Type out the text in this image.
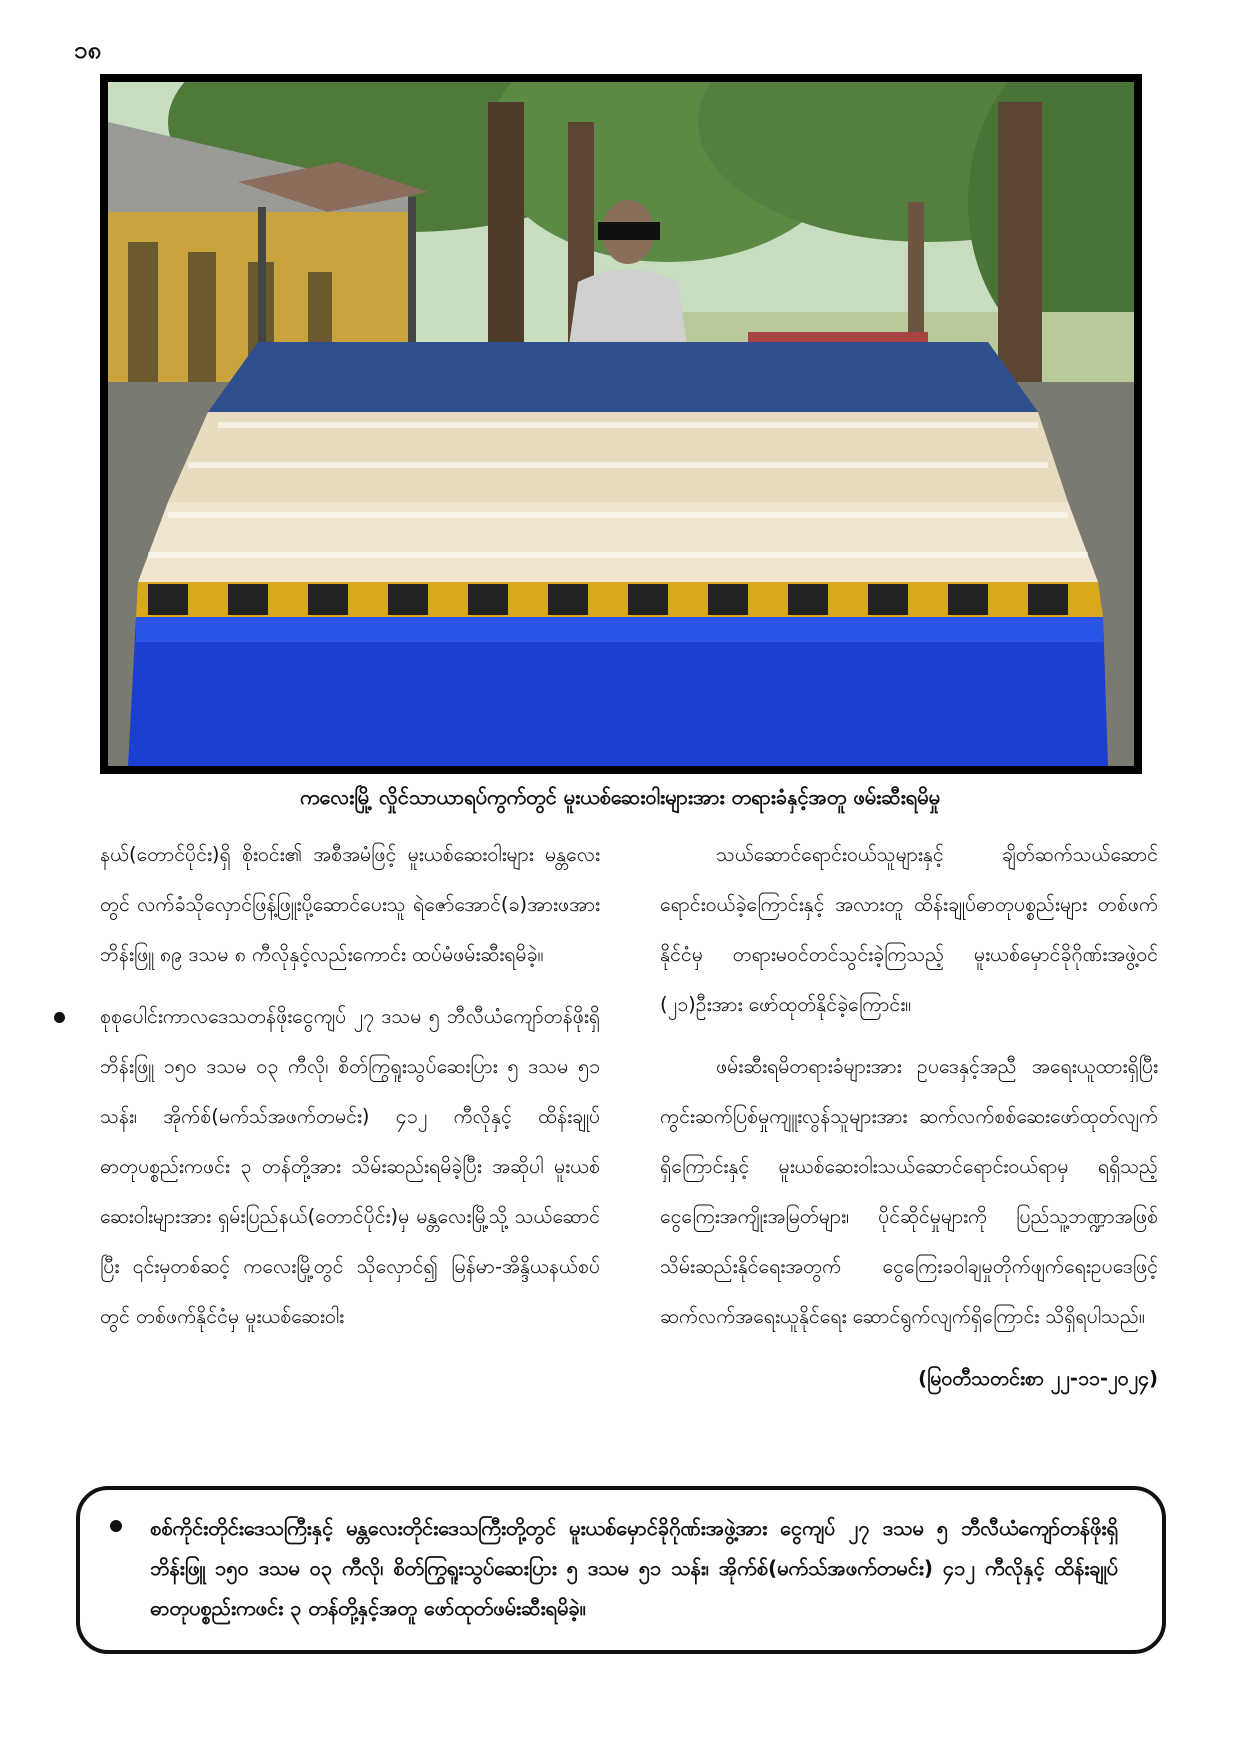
၁၈
ကလေးမြို့ လှိုင်သာယာရပ်ကွက်တွင် မူးယစ်ဆေးဝါးများအား တရားခံနှင့်အတူ ဖမ်းဆီးရမိမှု

နယ်(တောင်ပိုင်း)ရှိ စိုးဝင်း၏ အစီအမံဖြင့် မူးယစ်ဆေးဝါးများ မန္တလေးတွင် လက်ခံသိုလှောင်ဖြန့်ဖြူးပို့ဆောင်ပေးသူ ရဲဇော်အောင်(ခ)အားဖအား ဘိန်းဖြူ ၈၉ ဒသမ ၈ ကီလိုနှင့်လည်းကောင်း ထပ်မံဖမ်းဆီးရမိခဲ့။

စုစုပေါင်းကာလဒေသတန်ဖိုးငွေကျပ် ၂၇ ဒသမ ၅ ဘီလီယံကျော်တန်ဖိုးရှိ ဘိန်းဖြူ ၁၅၀ ဒသမ ၀၃ ကီလို၊ စိတ်ကြွရူးသွပ်ဆေးပြား ၅ ဒသမ ၅၁ သန်း၊ အိုက်စ်(မက်သ်အဖက်တမင်း) ၄၁၂ ကီလိုနှင့် ထိန်းချုပ်ဓာတုပစ္စည်းကဖင်း ၃ တန်တို့အား သိမ်းဆည်းရမိခဲ့ပြီး အဆိုပါ မူးယစ်ဆေးဝါးများအား ရှမ်းပြည်နယ်(တောင်ပိုင်း)မှ မန္တလေးမြို့သို့ သယ်ဆောင်ပြီး ၎င်းမှတစ်ဆင့် ကလေးမြို့တွင် သိုလှောင်၍ မြန်မာ-အိန္ဒိယနယ်စပ်တွင် တစ်ဖက်နိုင်ငံမှ မူးယစ်ဆေးဝါး

သယ်ဆောင်ရောင်းဝယ်သူများနှင့် ချိတ်ဆက်သယ်ဆောင်ရောင်းဝယ်ခဲ့ကြောင်းနှင့် အလားတူ ထိန်းချုပ်ဓာတုပစ္စည်းများ တစ်ဖက်နိုင်ငံမှ တရားမဝင်တင်သွင်းခဲ့ကြသည့် မူးယစ်မှောင်ခိုဂိုဏ်းအဖွဲ့ဝင် (၂၁)ဦးအား ဖော်ထုတ်နိုင်ခဲ့ကြောင်း။

ဖမ်းဆီးရမိတရားခံများအား ဥပဒေနှင့်အညီ အရေးယူထားရှိပြီး ကွင်းဆက်ပြစ်မှုကျူးလွန်သူများအား ဆက်လက်စစ်ဆေးဖော်ထုတ်လျက်ရှိကြောင်းနှင့် မူးယစ်ဆေးဝါးသယ်ဆောင်ရောင်းဝယ်ရာမှ ရရှိသည့် ငွေကြေးအကျိုးအမြတ်များ၊ ပိုင်ဆိုင်မှုများကို ပြည်သူ့ဘဏ္ဍာအဖြစ် သိမ်းဆည်းနိုင်ရေးအတွက် ငွေကြေးခဝါချမှုတိုက်ဖျက်ရေးဥပဒေဖြင့် ဆက်လက်အရေးယူနိုင်ရေး ဆောင်ရွက်လျက်ရှိကြောင်း သိရှိရပါသည်။

(မြဝတီသတင်းစာ ၂၂-၁၁-၂၀၂၄)
စစ်ကိုင်းတိုင်းဒေသကြီးနှင့် မန္တလေးတိုင်းဒေသကြီးတို့တွင် မူးယစ်မှောင်ခိုဂိုဏ်းအဖွဲ့အား ငွေကျပ် ၂၇ ဒသမ ၅ ဘီလီယံကျော်တန်ဖိုးရှိ ဘိန်းဖြူ ၁၅၀ ဒသမ ၀၃ ကီလို၊ စိတ်ကြွရူးသွပ်ဆေးပြား ၅ ဒသမ ၅၁ သန်း၊ အိုက်စ်(မက်သ်အဖက်တမင်း) ၄၁၂ ကီလိုနှင့် ထိန်းချုပ်ဓာတုပစ္စည်းကဖင်း ၃ တန်တို့နှင့်အတူ ဖော်ထုတ်ဖမ်းဆီးရမိခဲ့။
